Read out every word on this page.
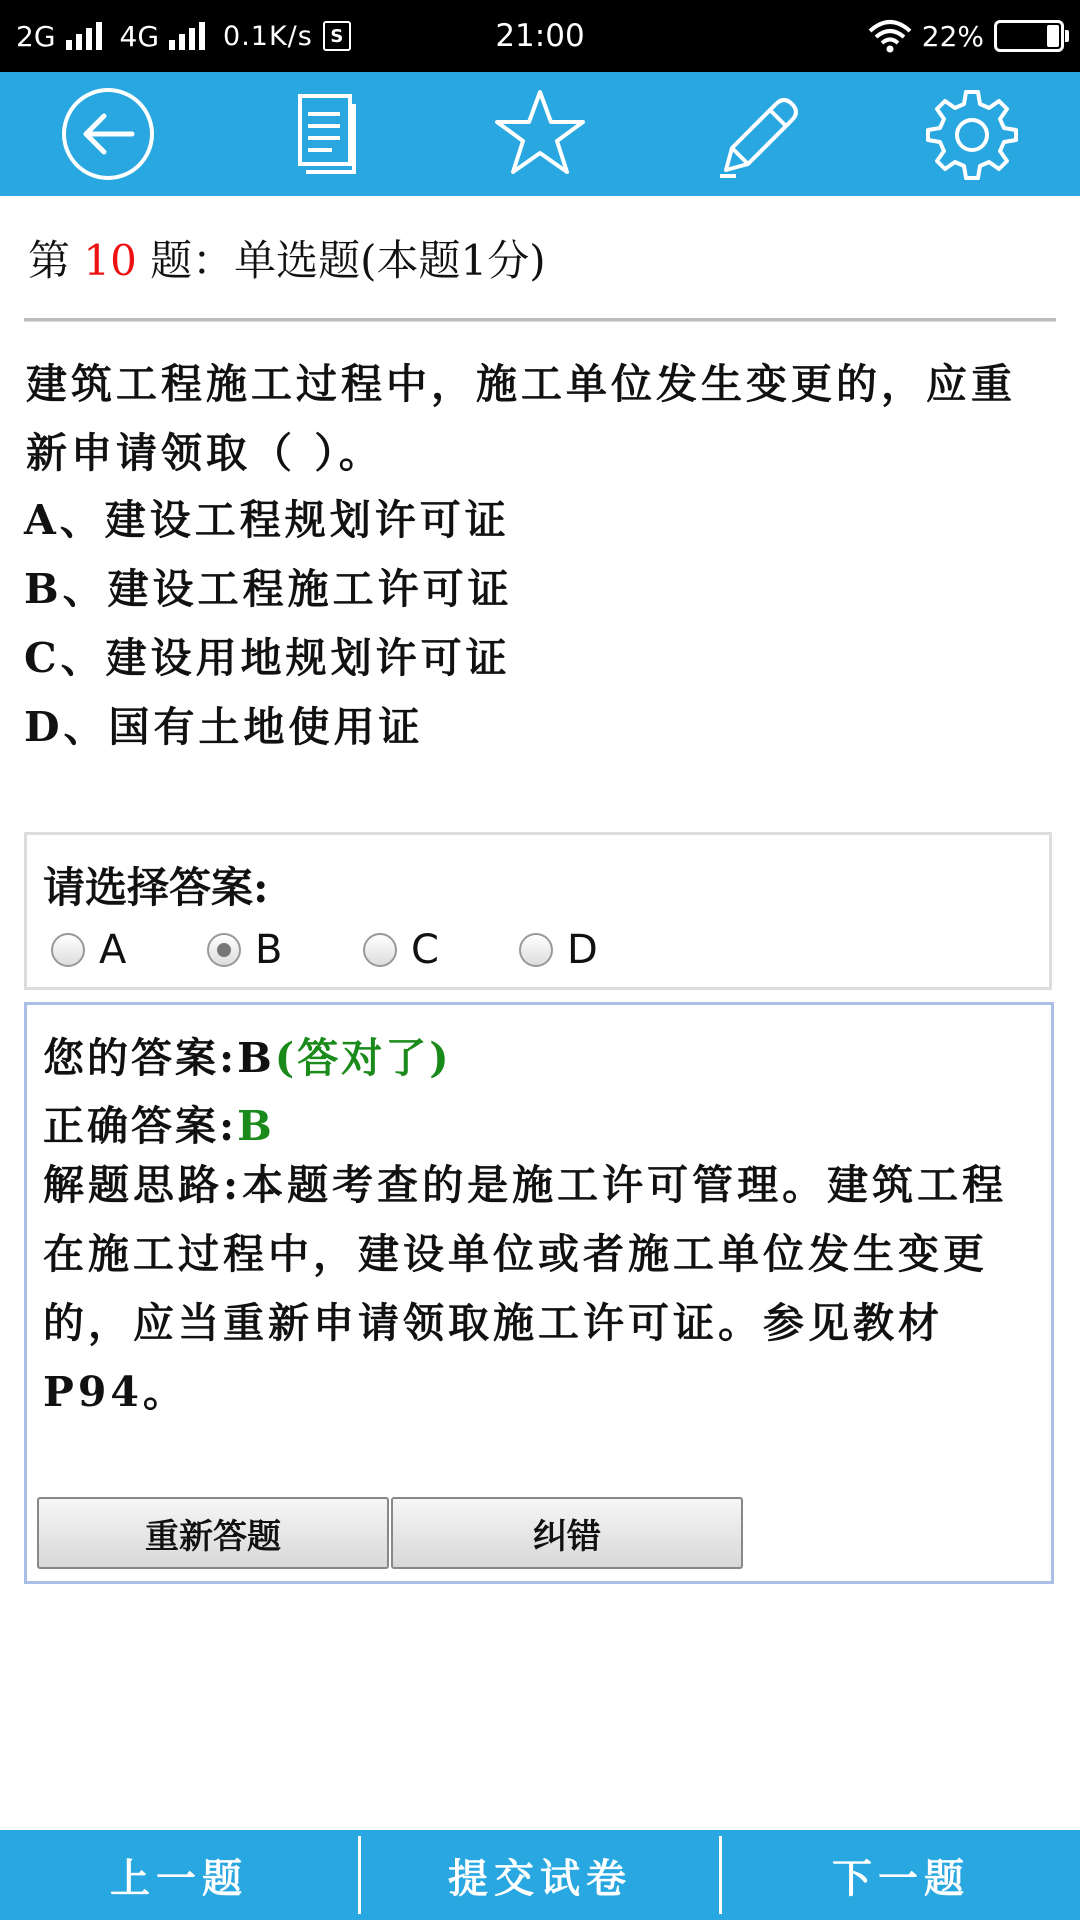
2G 4G 0.1K/s S	21:00	22%
第 10 题：单选题(本题1分)
建筑工程施工过程中，施工单位发生变更的，应重新申请领取（ ）。
A、建设工程规划许可证
B、建设工程施工许可证
C、建设用地规划许可证
D、国有土地使用证
请选择答案:
A	B	C	D
您的答案:B(答对了)
正确答案:B
解题思路:本题考查的是施工许可管理。建筑工程在施工过程中，建设单位或者施工单位发生变更的，应当重新申请领取施工许可证。参见教材P94。
重新答题	纠错
上一题	提交试卷	下一题
